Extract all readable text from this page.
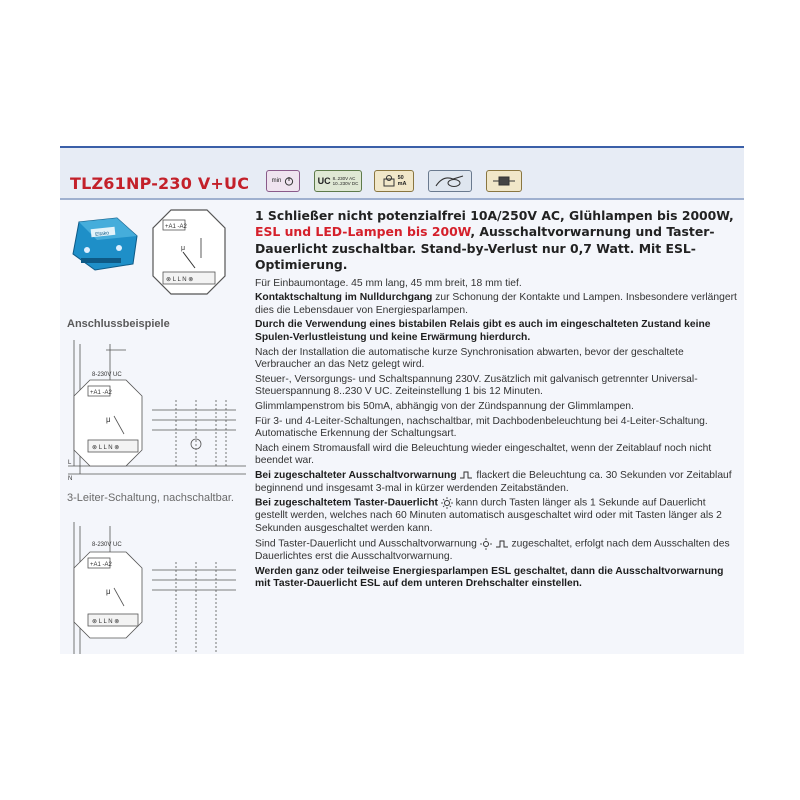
TLZ61NP-230 V+UC	min	UC 8..230V AC
10..230V DC
50
mA
Eltako
+A1 -A2
μ
⊗ L L N ⊗
Anschlussbeispiele
+A1 -A2
8-230V UC
⊗ L L N ⊗
μ
L
N
3-Leiter-Schaltung, nachschaltbar.
+A1 -A2
8-230V UC
⊗ L L N ⊗
μ
1 Schließer nicht potenzialfrei 10A/250V AC, Glühlampen bis 2000W, ESL und LED-Lampen bis 200W, Ausschaltvorwarnung und Taster-Dauerlicht zuschaltbar. Stand-by-Verlust nur 0,7 Watt. Mit ESL-Optimierung.
Für Einbaumontage. 45 mm lang, 45 mm breit, 18 mm tief.
Kontaktschaltung im Nulldurchgang zur Schonung der Kontakte und Lampen. Insbesondere verlängert dies die Lebensdauer von Energiesparlampen.
Durch die Verwendung eines bistabilen Relais gibt es auch im eingeschalteten Zustand keine Spulen-Verlustleistung und keine Erwärmung hierdurch.
Nach der Installation die automatische kurze Synchronisation abwarten, bevor der geschaltete Verbraucher an das Netz gelegt wird.
Steuer-, Versorgungs- und Schaltspannung 230V. Zusätzlich mit galvanisch getrennter Universal-Steuerspannung 8..230 V UC. Zeiteinstellung 1 bis 12 Minuten.
Glimmlampenstrom bis 50mA, abhängig von der Zündspannung der Glimmlampen.
Für 3- und 4-Leiter-Schaltungen, nachschaltbar, mit Dachbodenbeleuchtung bei 4-Leiter-Schaltung. Automatische Erkennung der Schaltungsart.
Nach einem Stromausfall wird die Beleuchtung wieder eingeschaltet, wenn der Zeitablauf noch nicht beendet war.
Bei zugeschalteter Ausschaltvorwarnung  flackert die Beleuchtung ca. 30 Sekunden vor Zeitablauf beginnend und insgesamt 3-mal in kürzer werdenden Zeitabständen.
Bei zugeschaltetem Taster-Dauerlicht  kann durch Tasten länger als 1 Sekunde auf Dauerlicht gestellt werden, welches nach 60 Minuten automatisch ausgeschaltet wird oder mit Tasten länger als 2 Sekunden ausgeschaltet werden kann.
Sind Taster-Dauerlicht und Ausschaltvorwarnung	zugeschaltet, erfolgt nach dem Ausschalten des Dauerlichtes erst die Ausschaltvorwarnung.
Werden ganz oder teilweise Energiesparlampen ESL geschaltet, dann die Ausschaltvorwarnung mit Taster-Dauerlicht ESL auf dem unteren Drehschalter einstellen.
